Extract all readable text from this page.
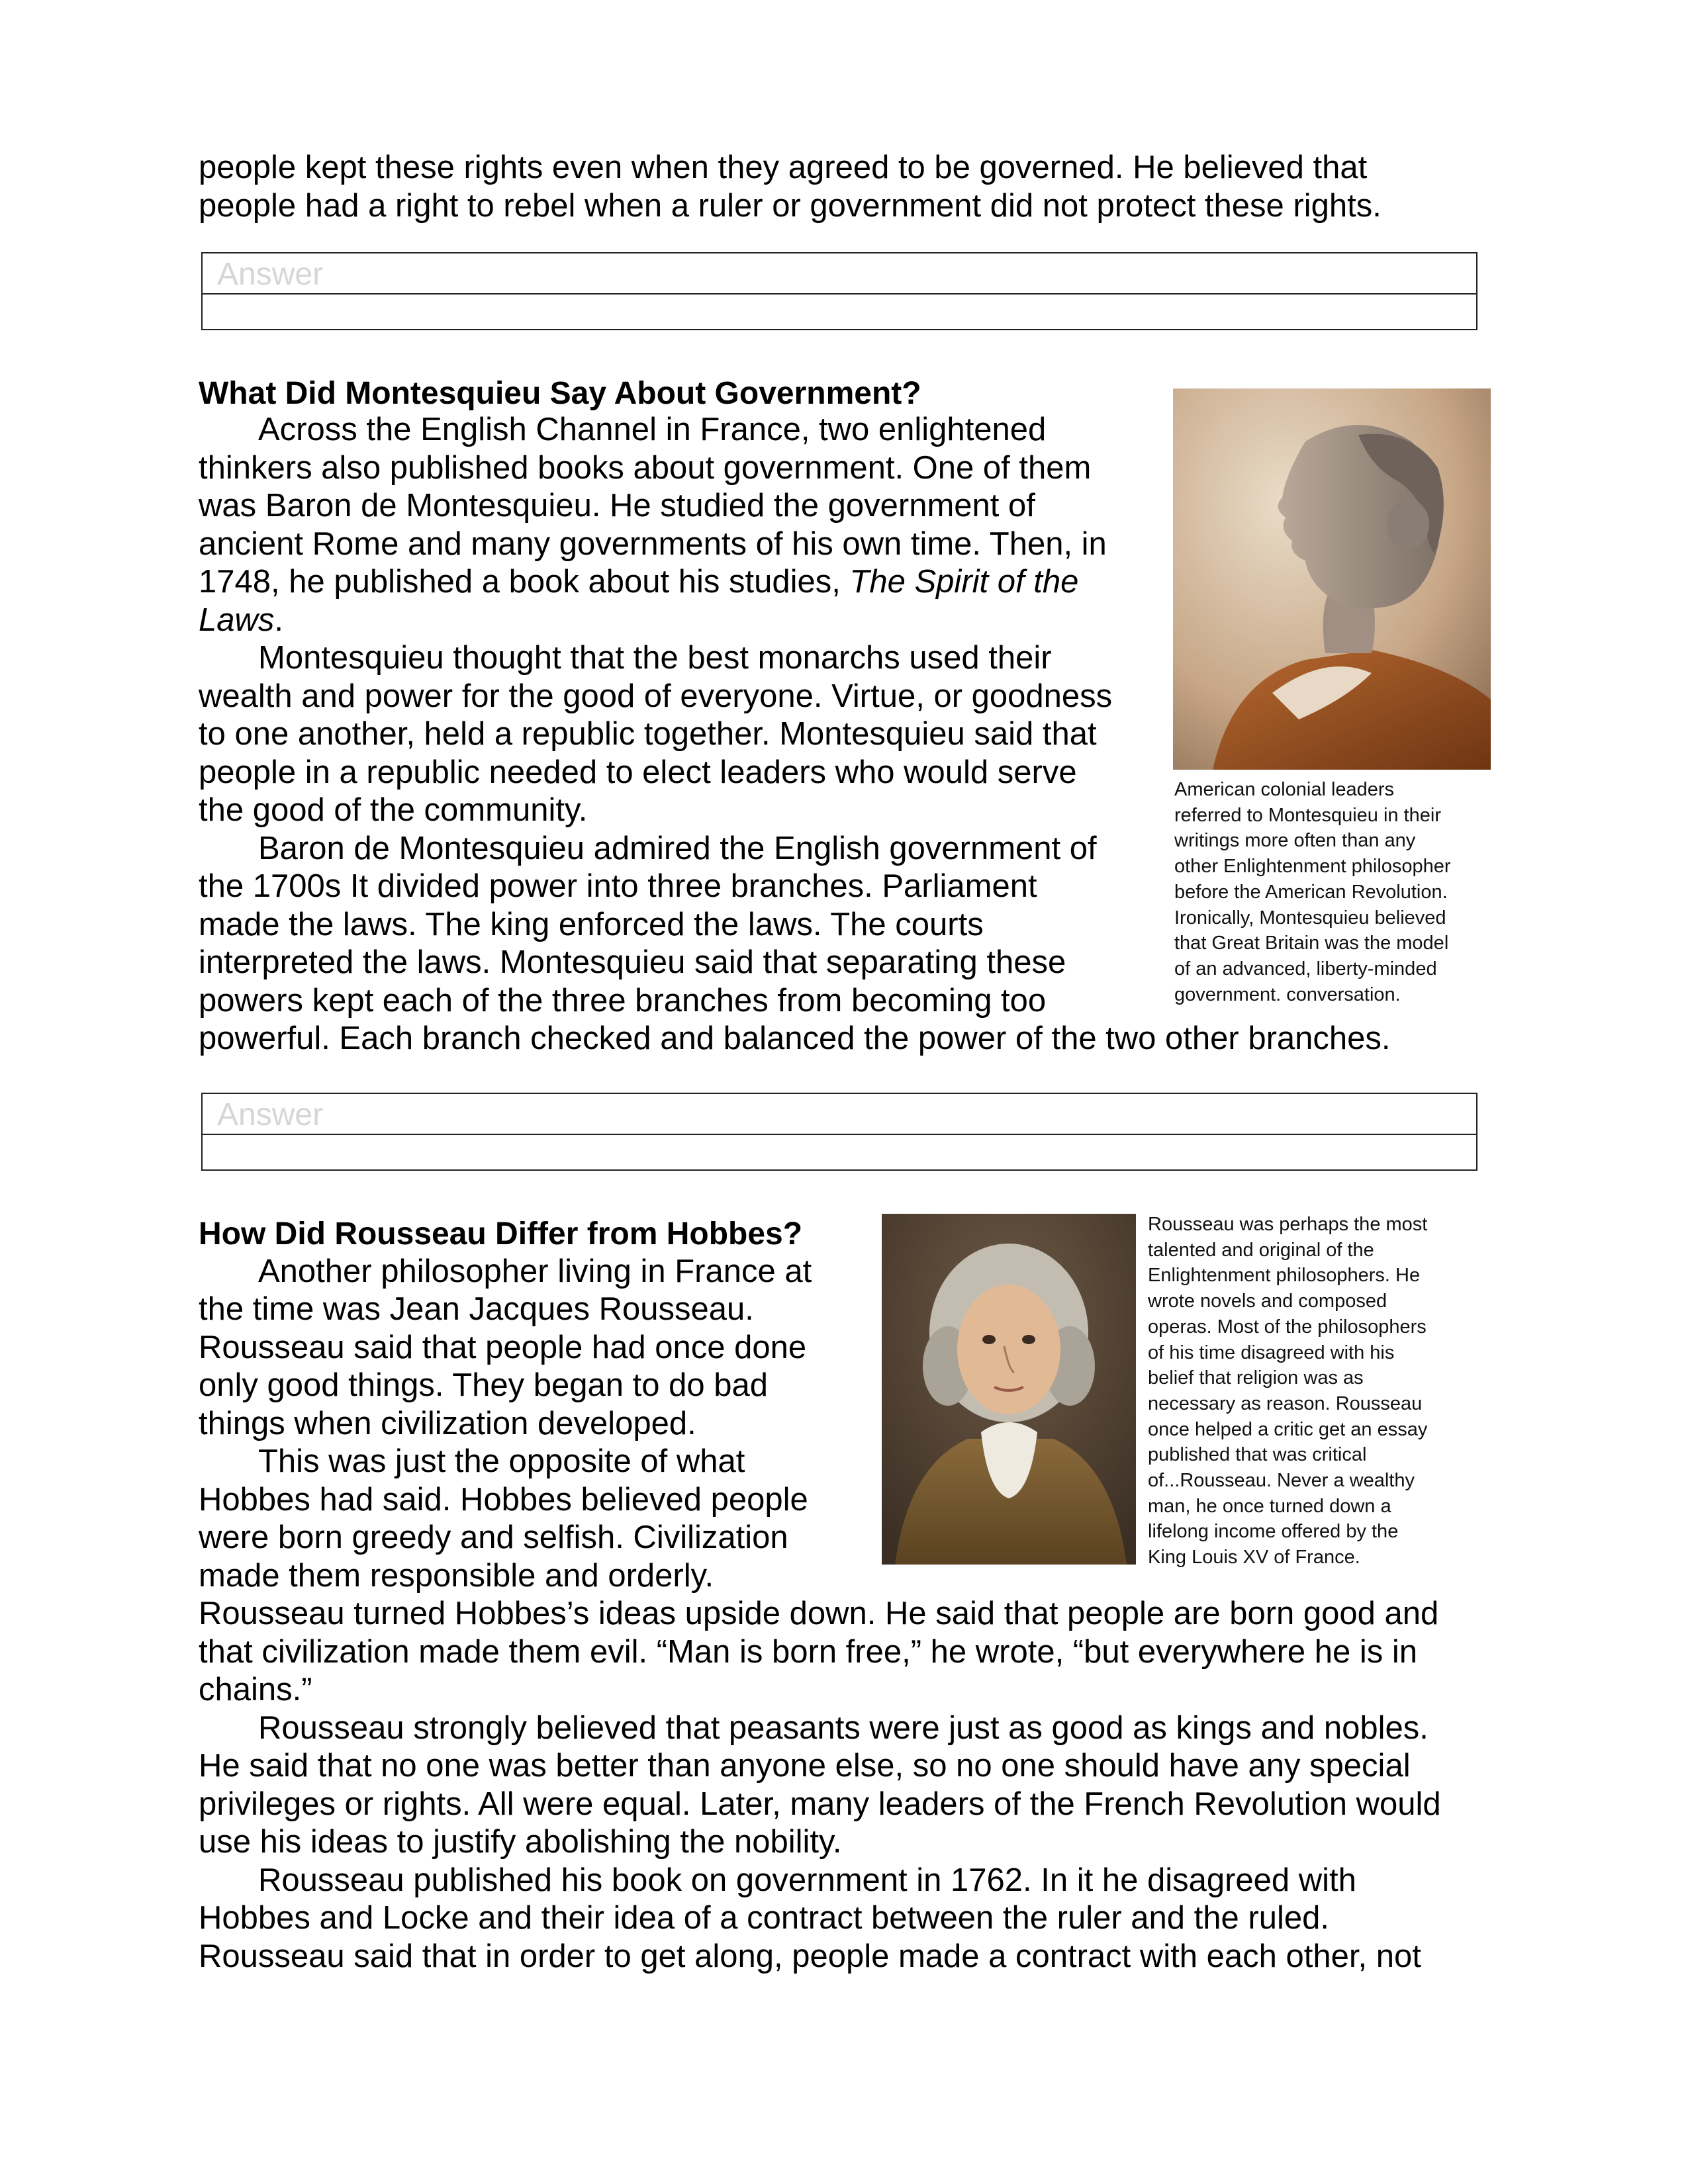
people kept these rights even when they agreed to be governed. He believed that
people had a right to rebel when a ruler or government did not protect these rights.
Answer
What Did Montesquieu Say About Government?
Across the English Channel in France, two enlightened
thinkers also published books about government. One of them
was Baron de Montesquieu. He studied the government of
ancient Rome and many governments of his own time. Then, in
1748, he published a book about his studies, The Spirit of the
Laws.
Montesquieu thought that the best monarchs used their
wealth and power for the good of everyone. Virtue, or goodness
to one another, held a republic together. Montesquieu said that
people in a republic needed to elect leaders who would serve
the good of the community.
Baron de Montesquieu admired the English government of
the 1700s It divided power into three branches. Parliament
made the laws. The king enforced the laws. The courts
interpreted the laws. Montesquieu said that separating these
powers kept each of the three branches from becoming too
powerful. Each branch checked and balanced the power of the two other branches.
American colonial leaders
referred to Montesquieu in their
writings more often than any
other Enlightenment philosopher
before the American Revolution.
Ironically, Montesquieu believed
that Great Britain was the model
of an advanced, liberty-minded
government. conversation.
Answer
How Did Rousseau Differ from Hobbes?
Another philosopher living in France at
the time was Jean Jacques Rousseau.
Rousseau said that people had once done
only good things. They began to do bad
things when civilization developed.
This was just the opposite of what
Hobbes had said. Hobbes believed people
were born greedy and selfish. Civilization
made them responsible and orderly.
Rousseau turned Hobbes’s ideas upside down. He said that people are born good and
that civilization made them evil. “Man is born free,” he wrote, “but everywhere he is in
chains.”
Rousseau strongly believed that peasants were just as good as kings and nobles.
He said that no one was better than anyone else, so no one should have any special
privileges or rights. All were equal. Later, many leaders of the French Revolution would
use his ideas to justify abolishing the nobility.
Rousseau published his book on government in 1762. In it he disagreed with
Hobbes and Locke and their idea of a contract between the ruler and the ruled.
Rousseau said that in order to get along, people made a contract with each other, not
Rousseau was perhaps the most
talented and original of the
Enlightenment philosophers. He
wrote novels and composed
operas. Most of the philosophers
of his time disagreed with his
belief that religion was as
necessary as reason. Rousseau
once helped a critic get an essay
published that was critical
of...Rousseau. Never a wealthy
man, he once turned down a
lifelong income offered by the
King Louis XV of France.
